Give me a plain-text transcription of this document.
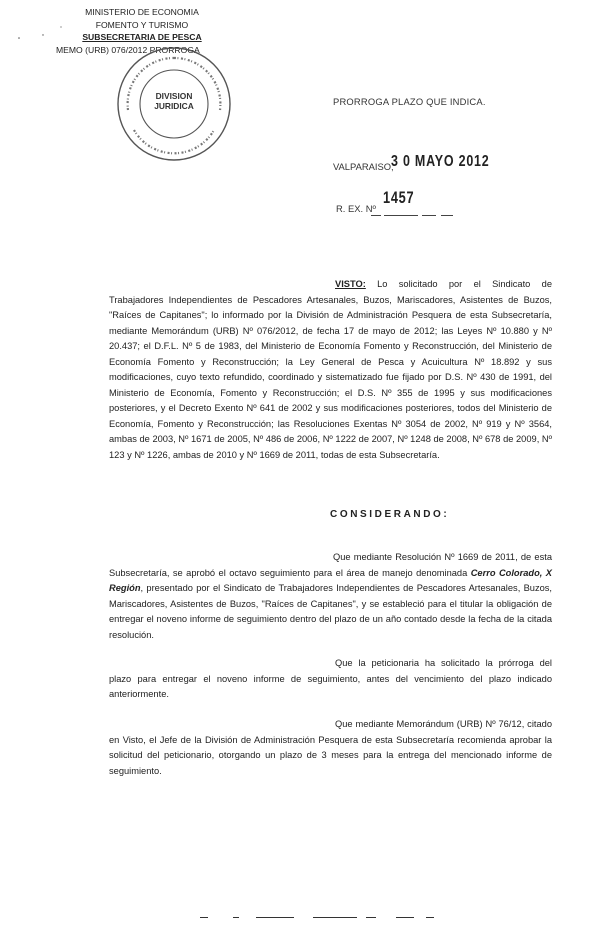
MINISTERIO DE ECONOMIA
FOMENTO Y TURISMO
SUBSECRETARIA DE PESCA
MEMO (URB) 076/2012 PRORROGA
DIVISION
JURIDICA	PRORROGA PLAZO QUE INDICA.
VALPARAISO,
3 0 MAYO 2012
R. EX. Nº
1457

VISTO: Lo solicitado por el Sindicato de Trabajadores Independientes de Pescadores Artesanales, Buzos, Mariscadores, Asistentes de Buzos, "Raíces de Capitanes"; lo informado por la División de Administración Pesquera de esta Subsecretaría, mediante Memorándum (URB) Nº 076/2012, de fecha 17 de mayo de 2012; las Leyes Nº 10.880 y Nº 20.437; el D.F.L. Nº 5 de 1983, del Ministerio de Economía Fomento y Reconstrucción, del Ministerio de Economía Fomento y Reconstrucción; la Ley General de Pesca y Acuicultura Nº 18.892 y sus modificaciones, cuyo texto refundido, coordinado y sistematizado fue fijado por D.S. Nº 430 de 1991, del Ministerio de Economía, Fomento y Reconstrucción; el D.S. Nº 355 de 1995 y sus modificaciones posteriores, y el Decreto Exento Nº 641 de 2002 y sus modificaciones posteriores, todos del Ministerio de Economía, Fomento y Reconstrucción; las Resoluciones Exentas Nº 3054 de 2002, Nº 919 y Nº 3564, ambas de 2003, Nº 1671 de 2005, Nº 486 de 2006, Nº 1222 de 2007, Nº 1248 de 2008, Nº 678 de 2009, Nº 123 y Nº 1226, ambas de 2010 y Nº 1669 de 2011, todas de esta Subsecretaría.

CONSIDERANDO:

Que mediante Resolución Nº 1669 de 2011, de esta Subsecretaría, se aprobó el octavo seguimiento para el área de manejo denominada Cerro Colorado, X Región, presentado por el Sindicato de Trabajadores Independientes de Pescadores Artesanales, Buzos, Mariscadores, Asistentes de Buzos, "Raíces de Capitanes", y se estableció para el titular la obligación de entregar el noveno informe de seguimiento dentro del plazo de un año contado desde la fecha de la citada resolución.

Que la peticionaria ha solicitado la prórroga del plazo para entregar el noveno informe de seguimiento, antes del vencimiento del plazo indicado anteriormente.

Que mediante Memorándum (URB) Nº 76/12, citado en Visto, el Jefe de la División de Administración Pesquera de esta Subsecretaría recomienda aprobar la solicitud del peticionario, otorgando un plazo de 3 meses para la entrega del mencionado informe de seguimiento.
